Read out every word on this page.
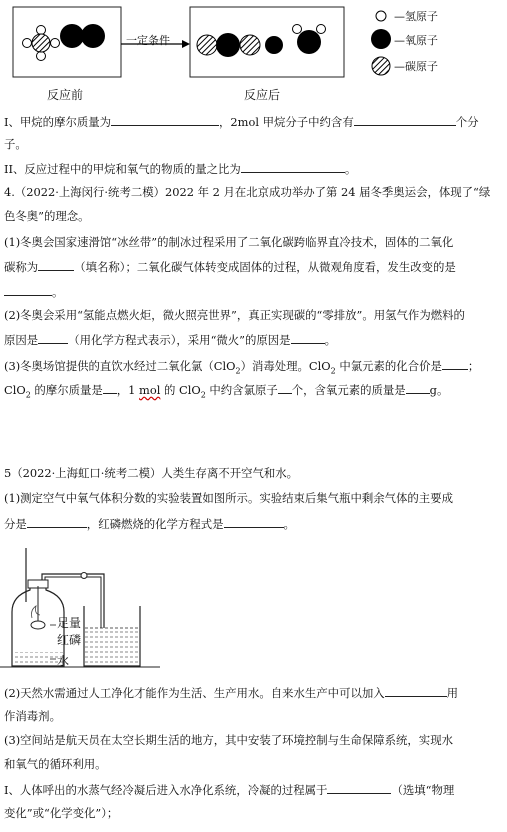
一定条件
反应前	反应后
—氢原子
—氧原子
—碳原子
I、甲烷的摩尔质量为	，2mol 甲烷分子中约含有	个分
子。
II、反应过程中的甲烷和氧气的物质的量之比为	。
4.（2022·上海闵行·统考二模）2022 年 2 月在北京成功举办了第 24 届冬季奥运会，体现了“绿
色冬奥”的理念。
(1)冬奥会国家速滑馆“冰丝带”的制冰过程采用了二氧化碳跨临界直冷技术，固体的二氧化
碳称为	（填名称）；二氧化碳气体转变成固体的过程，从微观角度看，发生改变的是
。
(2)冬奥会采用“氢能点燃火炬，微火照亮世界”，真正实现碳的“零排放”。用氢气作为燃料的
原因是	（用化学方程式表示），采用“微火”的原因是	。
(3)冬奥场馆提供的直饮水经过二氧化氯（ClO$_2$）消毒处理。ClO$_2$ 中氯元素的化合价是 ；
ClO$_2$ 的摩尔质量是 ，1 mol 的 ClO$_2$ 中约含氯原子 个，含氧元素的质量是 g。
5（2022·上海虹口·统考二模）人类生存离不开空气和水。
(1)测定空气中氧气体积分数的实验装置如图所示。实验结束后集气瓶中剩余气体的主要成
分是	，红磷燃烧的化学方程式是	。
足量
红磷
水
(2)天然水需通过人工净化才能作为生活、生产用水。自来水生产中可以加入	用
作消毒剂。
(3)空间站是航天员在太空长期生活的地方，其中安装了环境控制与生命保障系统，实现水
和氧气的循环利用。
I、人体呼出的水蒸气经冷凝后进入水净化系统，冷凝的过程属于	（选填“物理
变化”或“化学变化”）；
